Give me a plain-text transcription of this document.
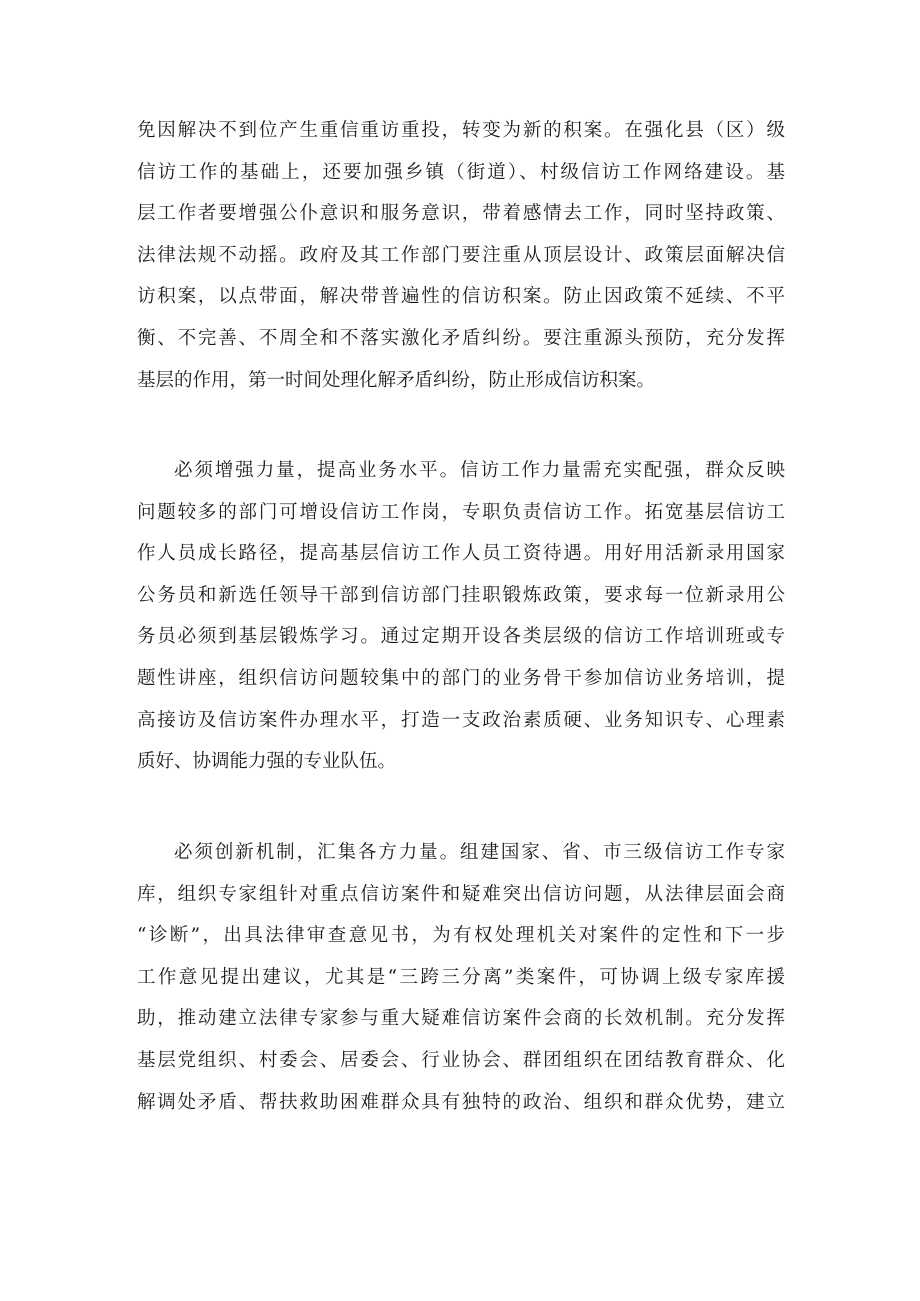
免因解决不到位产生重信重访重投，转变为新的积案。在强化县（区）级
信访工作的基础上，还要加强乡镇（街道）、村级信访工作网络建设。基
层工作者要增强公仆意识和服务意识，带着感情去工作，同时坚持政策、
法律法规不动摇。政府及其工作部门要注重从顶层设计、政策层面解决信
访积案，以点带面，解决带普遍性的信访积案。防止因政策不延续、不平
衡、不完善、不周全和不落实激化矛盾纠纷。要注重源头预防，充分发挥
基层的作用，第一时间处理化解矛盾纠纷，防止形成信访积案。
必须增强力量，提高业务水平。信访工作力量需充实配强，群众反映
问题较多的部门可增设信访工作岗，专职负责信访工作。拓宽基层信访工
作人员成长路径，提高基层信访工作人员工资待遇。用好用活新录用国家
公务员和新选任领导干部到信访部门挂职锻炼政策，要求每一位新录用公
务员必须到基层锻炼学习。通过定期开设各类层级的信访工作培训班或专
题性讲座，组织信访问题较集中的部门的业务骨干参加信访业务培训，提
高接访及信访案件办理水平，打造一支政治素质硬、业务知识专、心理素
质好、协调能力强的专业队伍。
必须创新机制，汇集各方力量。组建国家、省、市三级信访工作专家
库，组织专家组针对重点信访案件和疑难突出信访问题，从法律层面会商
“诊断”，出具法律审查意见书，为有权处理机关对案件的定性和下一步
工作意见提出建议，尤其是“三跨三分离”类案件，可协调上级专家库援
助，推动建立法律专家参与重大疑难信访案件会商的长效机制。充分发挥
基层党组织、村委会、居委会、行业协会、群团组织在团结教育群众、化
解调处矛盾、帮扶救助困难群众具有独特的政治、组织和群众优势，建立
